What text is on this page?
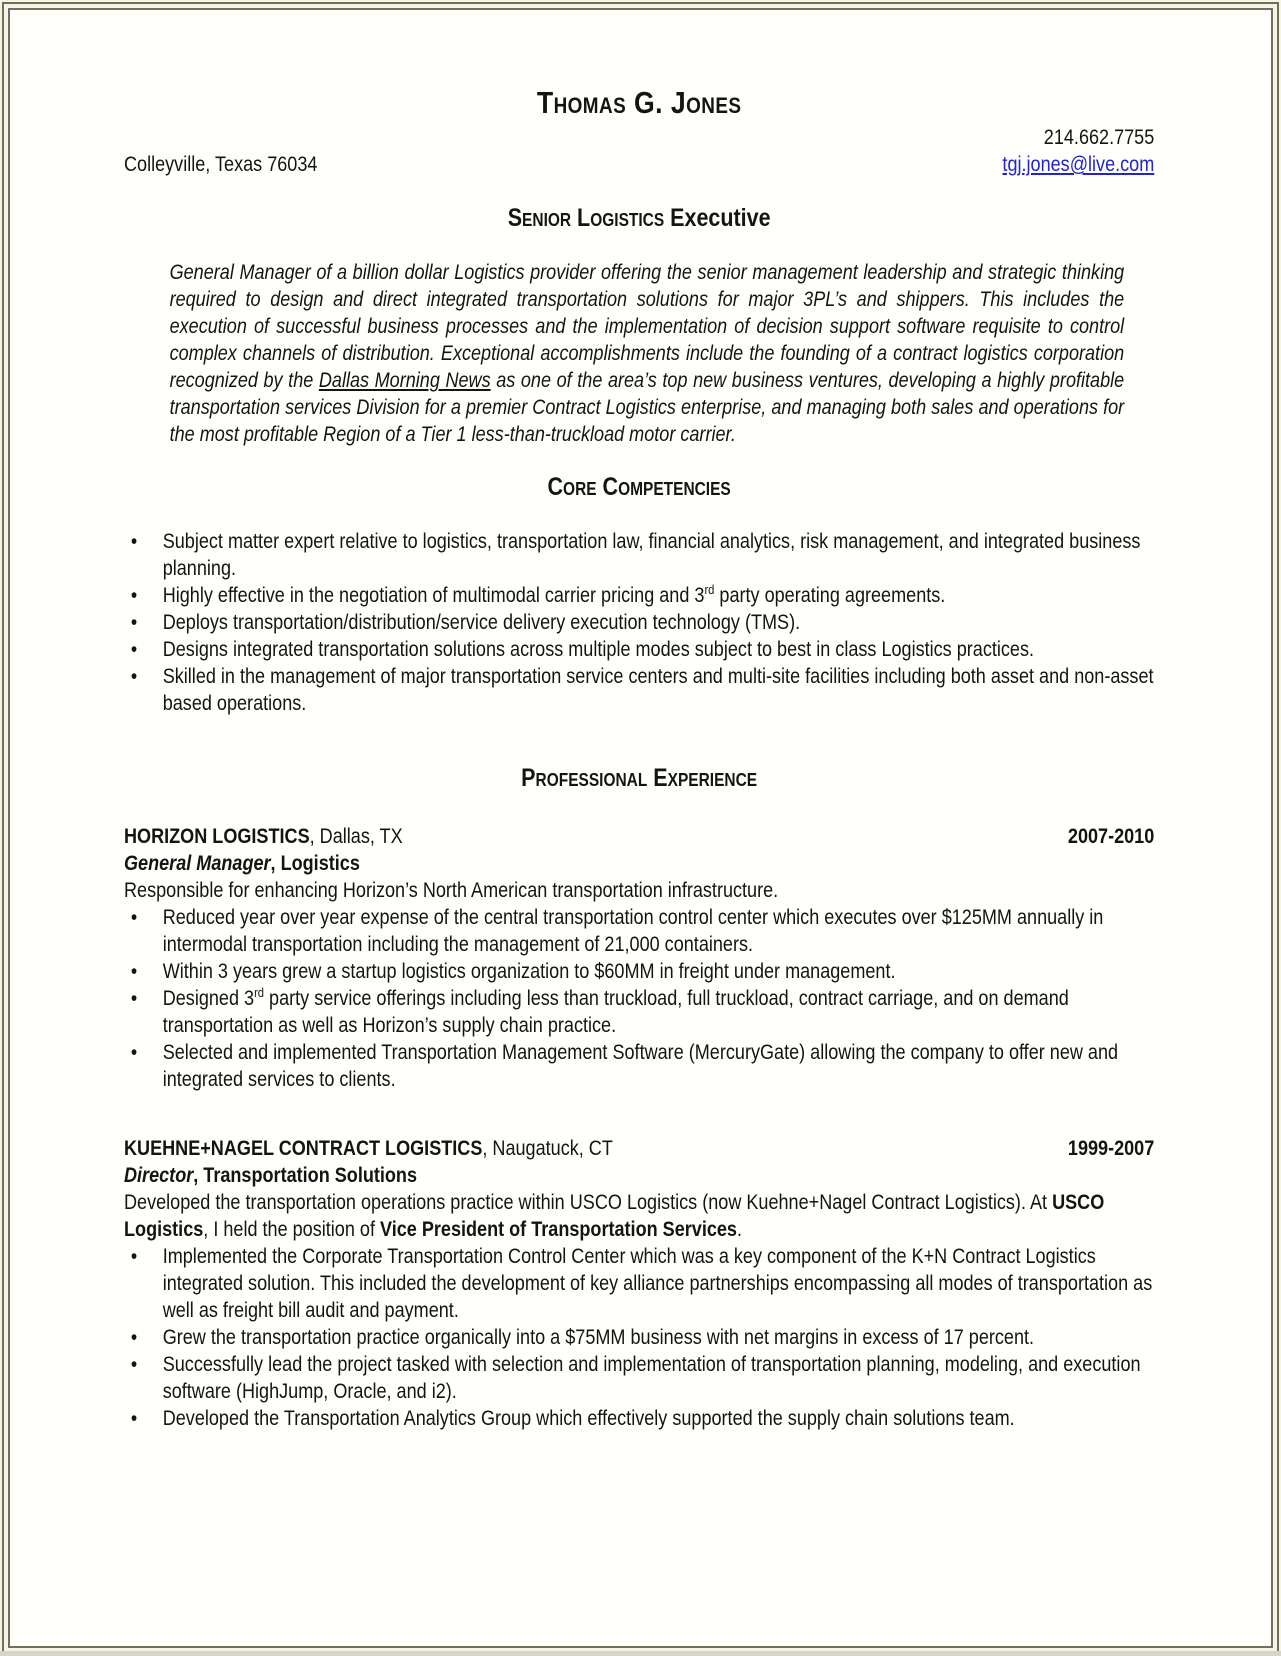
Thomas G. Jones
214.662.7755
Colleyville, Texas 76034	tgj.jones@live.com
Senior Logistics Executive

General Manager of a billion dollar Logistics provider offering the senior management leadership and strategic thinking required to design and direct integrated transportation solutions for major 3PL’s and shippers. This includes the execution of successful business processes and the implementation of decision support software requisite to control complex channels of distribution. Exceptional accomplishments include the founding of a contract logistics corporation recognized by the Dallas Morning News as one of the area’s top new business ventures, developing a highly profitable transportation services Division for a premier Contract Logistics enterprise, and managing both sales and operations for the most profitable Region of a Tier 1 less-than-truckload motor carrier.

Core Competencies
•	Subject matter expert relative to logistics, transportation law, financial analytics, risk management, and integrated business planning.
•	Highly effective in the negotiation of multimodal carrier pricing and 3rd party operating agreements.
•	Deploys transportation/distribution/service delivery execution technology (TMS).
•	Designs integrated transportation solutions across multiple modes subject to best in class Logistics practices.
•	Skilled in the management of major transportation service centers and multi-site facilities including both asset and non-asset based operations.
Professional Experience
HORIZON LOGISTICS, Dallas, TX	2007-2010
General Manager, Logistics

Responsible for enhancing Horizon’s North American transportation infrastructure.

•	Reduced year over year expense of the central transportation control center which executes over $125MM annually in intermodal transportation including the management of 21,000 containers.
•	Within 3 years grew a startup logistics organization to $60MM in freight under management.
•	Designed 3rd party service offerings including less than truckload, full truckload, contract carriage, and on demand transportation as well as Horizon’s supply chain practice.
•	Selected and implemented Transportation Management Software (MercuryGate) allowing the company to offer new and integrated services to clients.
KUEHNE+NAGEL CONTRACT LOGISTICS, Naugatuck, CT	1999-2007
Director, Transportation Solutions

Developed the transportation operations practice within USCO Logistics (now Kuehne+Nagel Contract Logistics). At USCO Logistics, I held the position of Vice President of Transportation Services.

•	Implemented the Corporate Transportation Control Center which was a key component of the K+N Contract Logistics integrated solution. This included the development of key alliance partnerships encompassing all modes of transportation as well as freight bill audit and payment.
•	Grew the transportation practice organically into a $75MM business with net margins in excess of 17 percent.
•	Successfully lead the project tasked with selection and implementation of transportation planning, modeling, and execution software (HighJump, Oracle, and i2).
•	Developed the Transportation Analytics Group which effectively supported the supply chain solutions team.
